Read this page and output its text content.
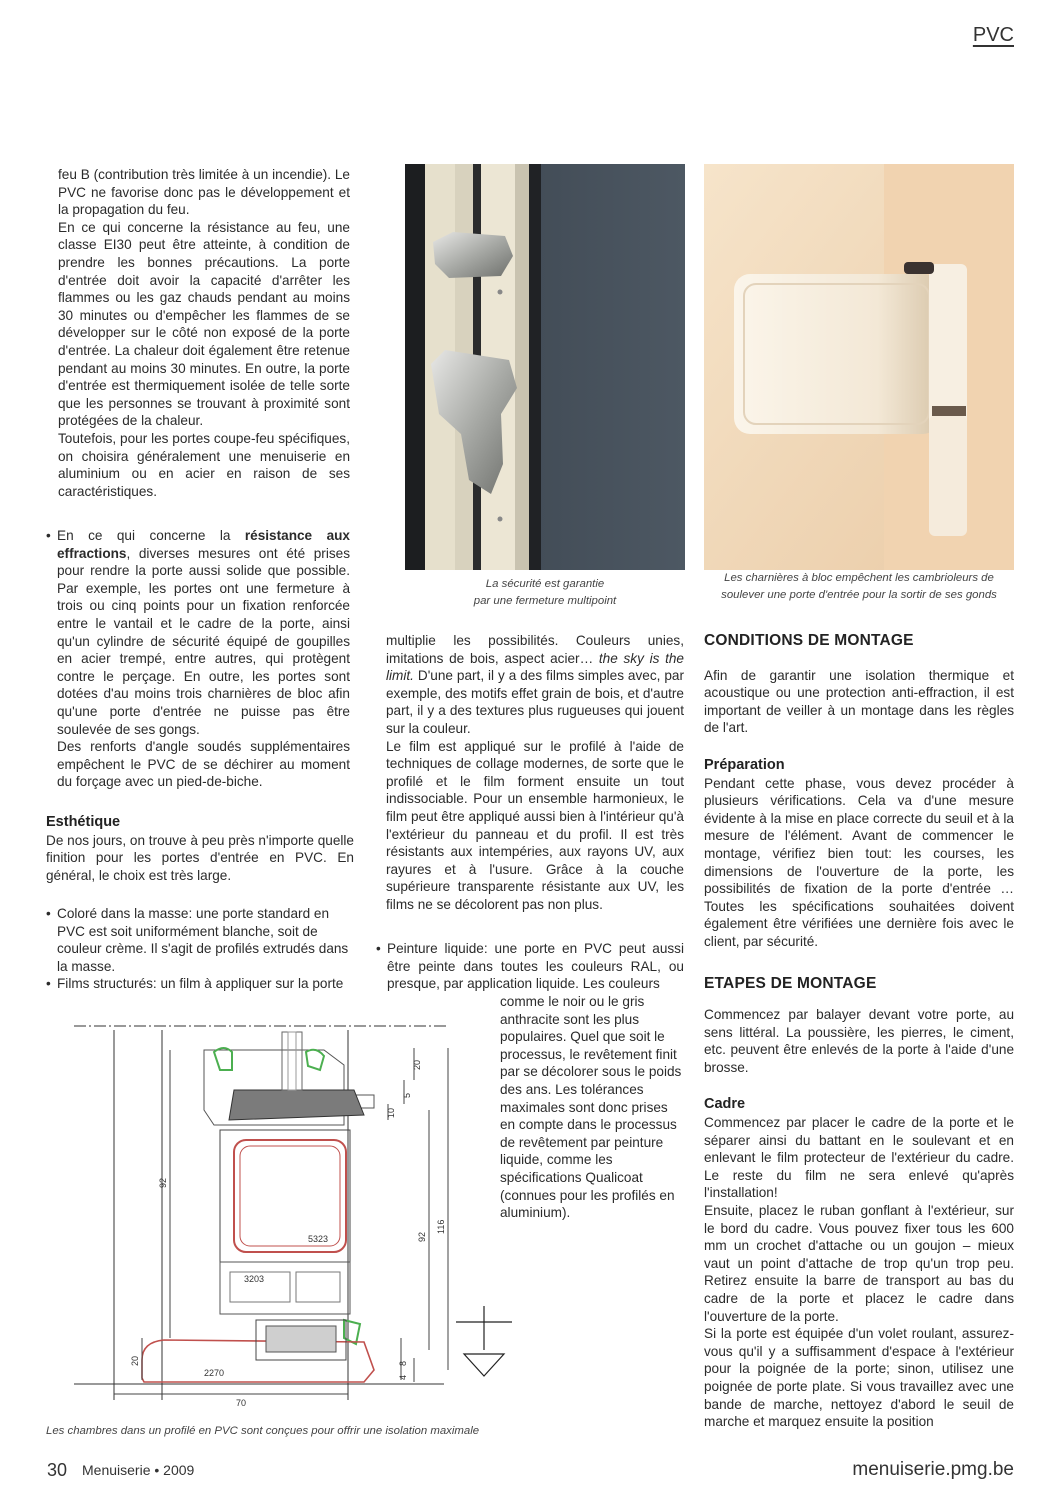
PVC

feu B (contribution très limitée à un incendie). Le PVC ne favorise donc pas le développement et la propagation du feu.

En ce qui concerne la résistance au feu, une classe EI30 peut être atteinte, à condition de prendre les bonnes précautions. La porte d'entrée doit avoir la capacité d'arrêter les flammes ou les gaz chauds pendant au moins 30 minutes ou d'empêcher les flammes de se développer sur le côté non exposé de la porte d'entrée. La chaleur doit également être retenue pendant au moins 30 minutes. En outre, la porte d'entrée est thermiquement isolée de telle sorte que les personnes se trouvant à proximité sont protégées de la chaleur.

Toutefois, pour les portes coupe-feu spécifiques, on choisira généralement une menuiserie en aluminium ou en acier en raison de ses caractéristiques.

• En ce qui concerne la résistance aux effractions, diverses mesures ont été prises pour rendre la porte aussi solide que possible. Par exemple, les portes ont une fermeture à trois ou cinq points pour un fixation renforcée entre le vantail et le cadre de la porte, ainsi qu'un cylindre de sécurité équipé de goupilles en acier trempé, entre autres, qui protègent contre le perçage. En outre, les portes sont dotées d'au moins trois charnières de bloc afin qu'une porte d'entrée ne puisse pas être soulevée de ses gongs.

Des renforts d'angle soudés supplémentaires empêchent le PVC de se déchirer au moment du forçage avec un pied-de-biche.

Esthétique

De nos jours, on trouve à peu près n'importe quelle finition pour les portes d'entrée en PVC. En général, le choix est très large.

• Coloré dans la masse: une porte standard en PVC est soit uniformément blanche, soit de couleur crème. Il s'agit de profilés extrudés dans la masse.

• Films structurés: un film à appliquer sur la porte

La sécurité est garantie
par une fermeture multipoint
Les charnières à bloc empêchent les cambrioleurs de
soulever une porte d'entrée pour la sortir de ses gonds

multiplie les possibilités. Couleurs unies, imitations de bois, aspect acier… the sky is the limit. D'une part, il y a des films simples avec, par exemple, des motifs effet grain de bois, et d'autre part, il y a des textures plus rugueuses qui jouent sur la couleur.

Le film est appliqué sur le profilé à l'aide de techniques de collage modernes, de sorte que le profilé et le film forment ensuite un tout indissociable. Pour un ensemble harmonieux, le film peut être appliqué aussi bien à l'intérieur qu'à l'extérieur du panneau et du profil. Il est très résistants aux intempéries, aux rayons UV, aux rayures et à l'usure. Grâce à la couche supérieure transparente résistante aux UV, les films ne se décolorent pas non plus.

• Peinture liquide: une porte en PVC peut aussi être peinte dans toutes les couleurs RAL, ou presque, par application liquide. Les couleurs

comme le noir ou le gris anthracite sont les plus populaires. Quel que soit le processus, le revêtement finit par se décolorer sous le poids des ans. Les tolérances maximales sont donc prises en compte dans le processus de revêtement par peinture liquide, comme les spécifications Qualicoat (connues pour les profilés en aluminium).

20
5
10
92
92
116
5323
3203
2270
20	8
4
70
Les chambres dans un profilé en PVC sont conçues pour offrir une isolation maximale

CONDITIONS DE MONTAGE

Afin de garantir une isolation thermique et acoustique ou une protection anti-effraction, il est important de veiller à un montage dans les règles de l'art.

Préparation

Pendant cette phase, vous devez procéder à plusieurs vérifications. Cela va d'une mesure évidente à la mise en place correcte du seuil et à la mesure de l'élément. Avant de commencer le montage, vérifiez bien tout: les courses, les dimensions de l'ouverture de la porte, les possibilités de fixation de la porte d'entrée … Toutes les spécifications souhaitées doivent également être vérifiées une dernière fois avec le client, par sécurité.

ETAPES DE MONTAGE

Commencez par balayer devant votre porte, au sens littéral. La poussière, les pierres, le ciment, etc. peuvent être enlevés de la porte à l'aide d'une brosse.

Cadre

Commencez par placer le cadre de la porte et le séparer ainsi du battant en le soulevant et en enlevant le film protecteur de l'extérieur du cadre. Le reste du film ne sera enlevé qu'après l'installation!

Ensuite, placez le ruban gonflant à l'extérieur, sur le bord du cadre. Vous pouvez fixer tous les 600 mm un crochet d'attache ou un goujon – mieux vaut un point d'attache de trop qu'un trop peu. Retirez ensuite la barre de transport au bas du cadre de la porte et placez le cadre dans l'ouverture de la porte.

Si la porte est équipée d'un volet roulant, assurez-vous qu'il y a suffisamment d'espace à l'extérieur pour la poignée de la porte; sinon, utilisez une poignée de porte plate. Si vous travaillez avec une bande de marche, nettoyez d'abord le seuil de marche et marquez ensuite la position

30 Menuiserie • 2009	menuiserie.pmg.be
